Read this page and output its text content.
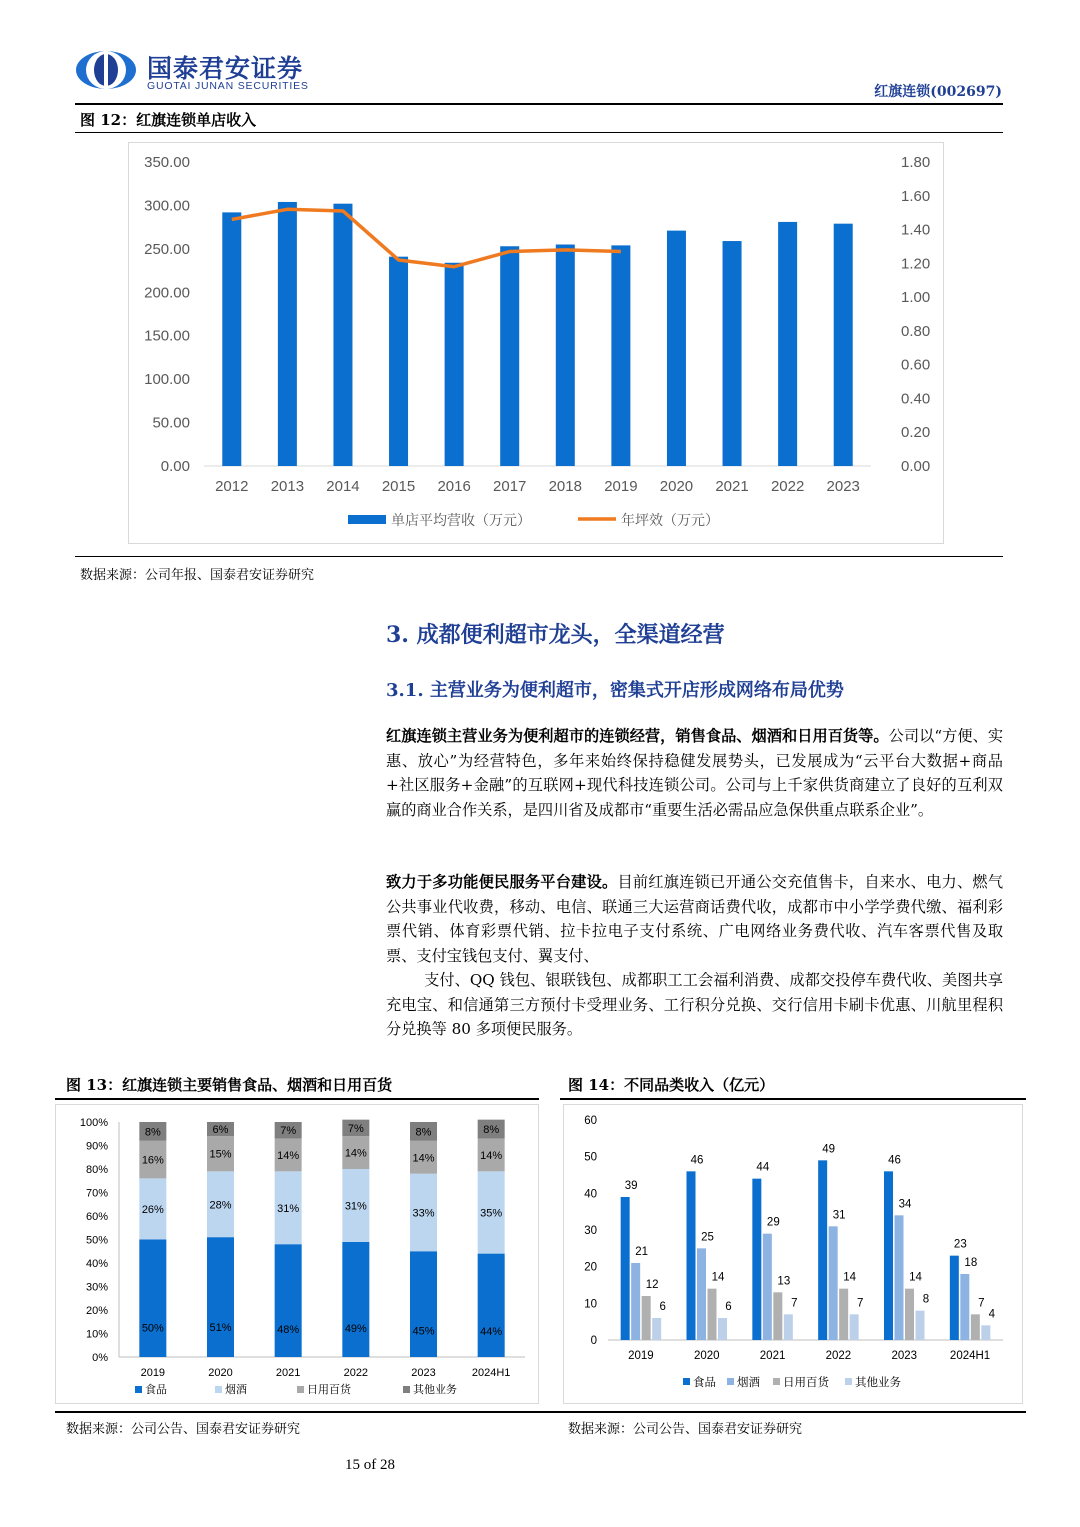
国泰君安证券
GUOTAI JUNAN SECURITIES	红旗连锁(002697)
图 12：红旗连锁单店收入
0.00
50.00
100.00
150.00
200.00
250.00
300.00
350.00
0.00
0.20
0.40
0.60
0.80
1.00
1.20
1.40
1.60
1.80
2012 2013 2014 2015 2016 2017 2018 2019 2020 2021 2022 2023
单店平均营收（万元）	年坪效（万元）
数据来源：公司年报、国泰君安证券研究
3. 成都便利超市龙头，全渠道经营
3.1. 主营业务为便利超市，密集式开店形成网络布局优势
红旗连锁主营业务为便利超市的连锁经营，销售食品、烟酒和日用百货等。公司以“方便、实惠、放心”为经营特色，多年来始终保持稳健发展势头，已发展成为“云平台大数据+商品+社区服务+金融”的互联网+现代科技连锁公司。公司与上千家供货商建立了良好的互利双赢的商业合作关系，是四川省及成都市“重要生活必需品应急保供重点联系企业”。
致力于多功能便民服务平台建设。目前红旗连锁已开通公交充值售卡，自来水、电力、燃气公共事业代收费，移动、电信、联通三大运营商话费代收，成都市中小学学费代缴、福利彩票代销、体育彩票代销、拉卡拉电子支付系统、广电网络业务费代收、汽车客票代售及取票、支付宝钱包支付、翼支付、
支付、QQ 钱包、银联钱包、成都职工工会福利消费、成都交投停车费代收、美图共享充电宝、和信通第三方预付卡受理业务、工行积分兑换、交行信用卡刷卡优惠、川航里程积分兑换等 80 多项便民服务。
图 13：红旗连锁主要销售食品、烟酒和日用百货
0%
10%
20%
30%
40%
50%
60%
70%
80%
90%
100%
50%
26%
16%
8%
2019
51%
28%
15%
6%
2020
48%
31%
14%
7%
2021
49%
31%
14%
7%
2022
45%
33%
14%
8%
2023
44%
35%
14%
8%
2024H1
食品	烟酒	日用百货	其他业务
图 14：不同品类收入（亿元）
0
10
20
30
40
50
60
39
21
12
6
2019
46
25
14
6
2020
44
29
13
7
2021
49
31
14
7
2022
46
34
14
8
2023
23
18
7
4
2024H1
食品 烟酒 日用百货 其他业务
数据来源：公司公告、国泰君安证券研究	数据来源：公司公告、国泰君安证券研究
15 of 28
